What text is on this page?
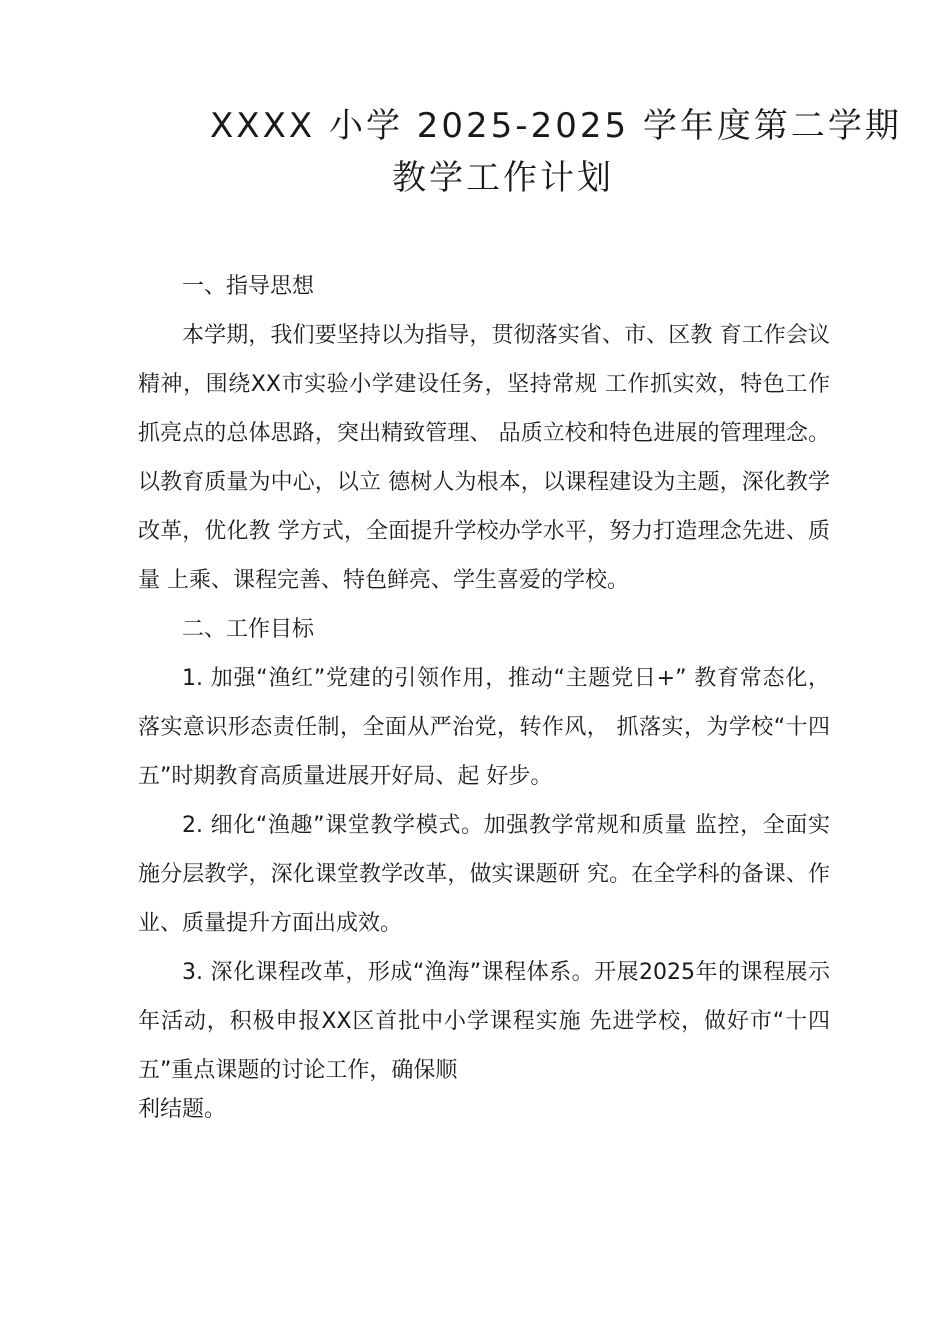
XXXX 小学 2025-2025 学年度第二学期
教学工作计划

一、指导思想

本学期，我们要坚持以为指导，贯彻落实省、市、区教 育工作会议精神，围绕XX市实验小学建设任务，坚持常规 工作抓实效，特色工作抓亮点的总体思路，突出精致管理、 品质立校和特色进展的管理理念。以教育质量为中心，以立 德树人为根本，以课程建设为主题，深化教学改革，优化教 学方式，全面提升学校办学水平，努力打造理念先进、质量 上乘、课程完善、特色鲜亮、学生喜爱的学校。

二、工作目标

1. 加强“渔红”党建的引领作用，推动“主题党日+” 教育常态化，落实意识形态责任制，全面从严治党，转作风， 抓落实，为学校“十四五”时期教育高质量进展开好局、起 好步。

2. 细化“渔趣”课堂教学模式。加强教学常规和质量 监控，全面实施分层教学，深化课堂教学改革，做实课题研 究。在全学科的备课、作业、质量提升方面出成效。

3. 深化课程改革，形成“渔海”课程体系。开展2025年的课程展示年活动，积极申报XX区首批中小学课程实施 先进学校，做好市“十四五”重点课题的讨论工作，确保顺

利结题。
